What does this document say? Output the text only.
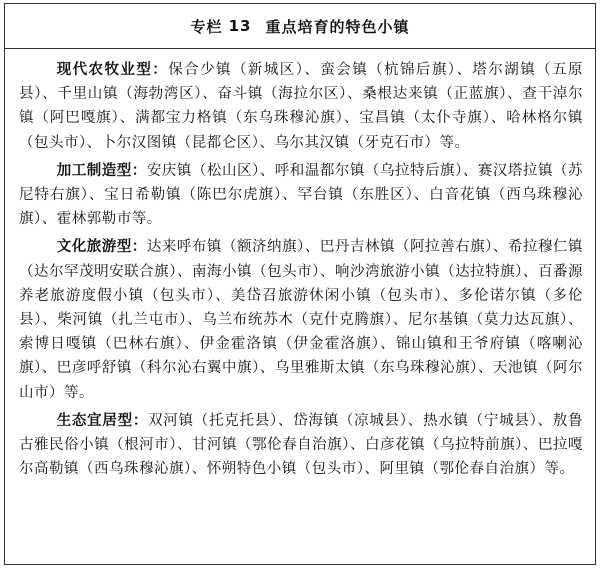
专栏 13 重点培育的特色小镇

现代农牧业型：保合少镇（新城区）、蛮会镇（杭锦后旗）、塔尔湖镇（五原县）、千里山镇（海勃湾区）、奋斗镇（海拉尔区）、桑根达来镇（正蓝旗）、查干淖尔镇（阿巴嘎旗）、满都宝力格镇（东乌珠穆沁旗）、宝昌镇（太仆寺旗）、哈林格尔镇（包头市）、卜尔汉图镇（昆都仑区）、乌尔其汉镇（牙克石市）等。

加工制造型：安庆镇（松山区）、呼和温都尔镇（乌拉特后旗）、赛汉塔拉镇（苏尼特右旗）、宝日希勒镇（陈巴尔虎旗）、罕台镇（东胜区）、白音花镇（西乌珠穆沁旗）、霍林郭勒市等。

文化旅游型：达来呼布镇（额济纳旗）、巴丹吉林镇（阿拉善右旗）、希拉穆仁镇（达尔罕茂明安联合旗）、南海小镇（包头市）、响沙湾旅游小镇（达拉特旗）、百番源养老旅游度假小镇（包头市）、美岱召旅游休闲小镇（包头市）、多伦诺尔镇（多伦县）、柴河镇（扎兰屯市）、乌兰布统苏木（克什克腾旗）、尼尔基镇（莫力达瓦旗）、索博日嘎镇（巴林右旗）、伊金霍洛镇（伊金霍洛旗）、锦山镇和王爷府镇（喀喇沁旗）、巴彦呼舒镇（科尔沁右翼中旗）、乌里雅斯太镇（东乌珠穆沁旗）、天池镇（阿尔山市）等。

生态宜居型：双河镇（托克托县）、岱海镇（凉城县）、热水镇（宁城县）、敖鲁古雅民俗小镇（根河市）、甘河镇（鄂伦春自治旗）、白彦花镇（乌拉特前旗）、巴拉嘎尔高勒镇（西乌珠穆沁旗）、怀朔特色小镇（包头市）、阿里镇（鄂伦春自治旗）等。
